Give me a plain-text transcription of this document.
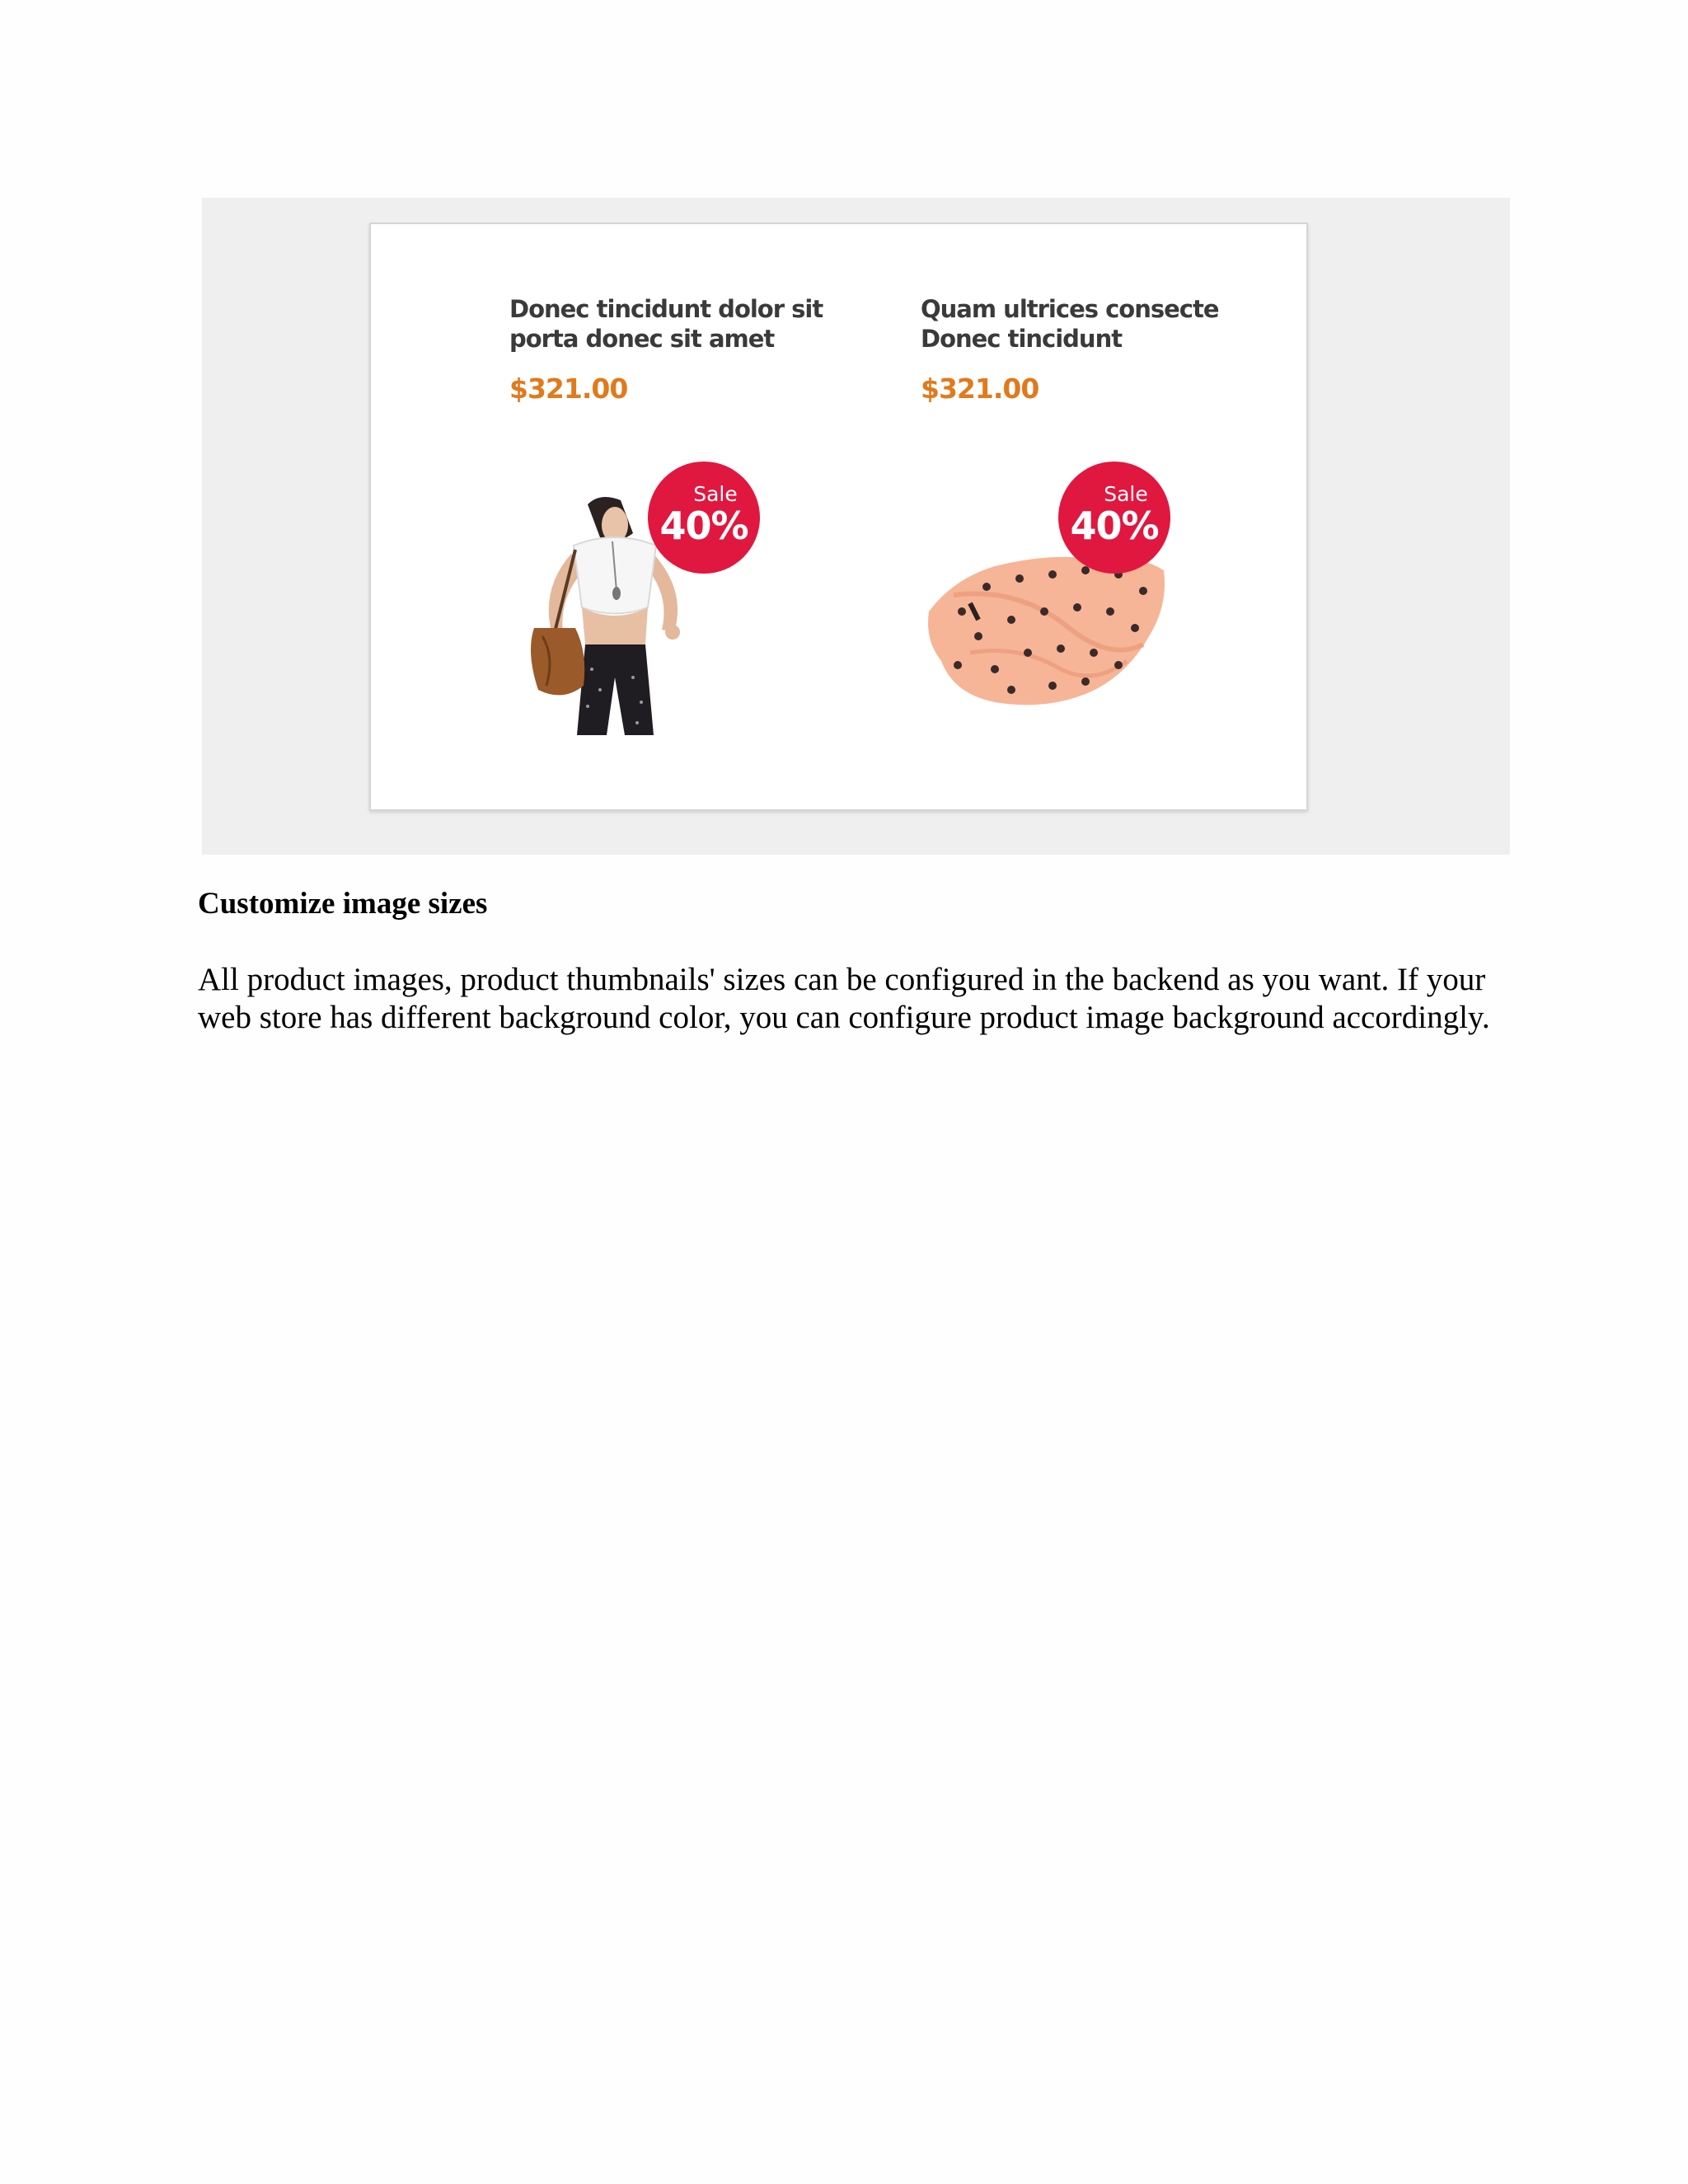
Donec tincidunt dolor sit porta donec sit amet
$321.00
Sale
40%
Quam ultrices consecte Donec tincidunt
$321.00
Sale
40%
Customize image sizes

All product images, product thumbnails' sizes can be configured in the backend as you want. If your web store has different background color, you can configure product image background accordingly.
